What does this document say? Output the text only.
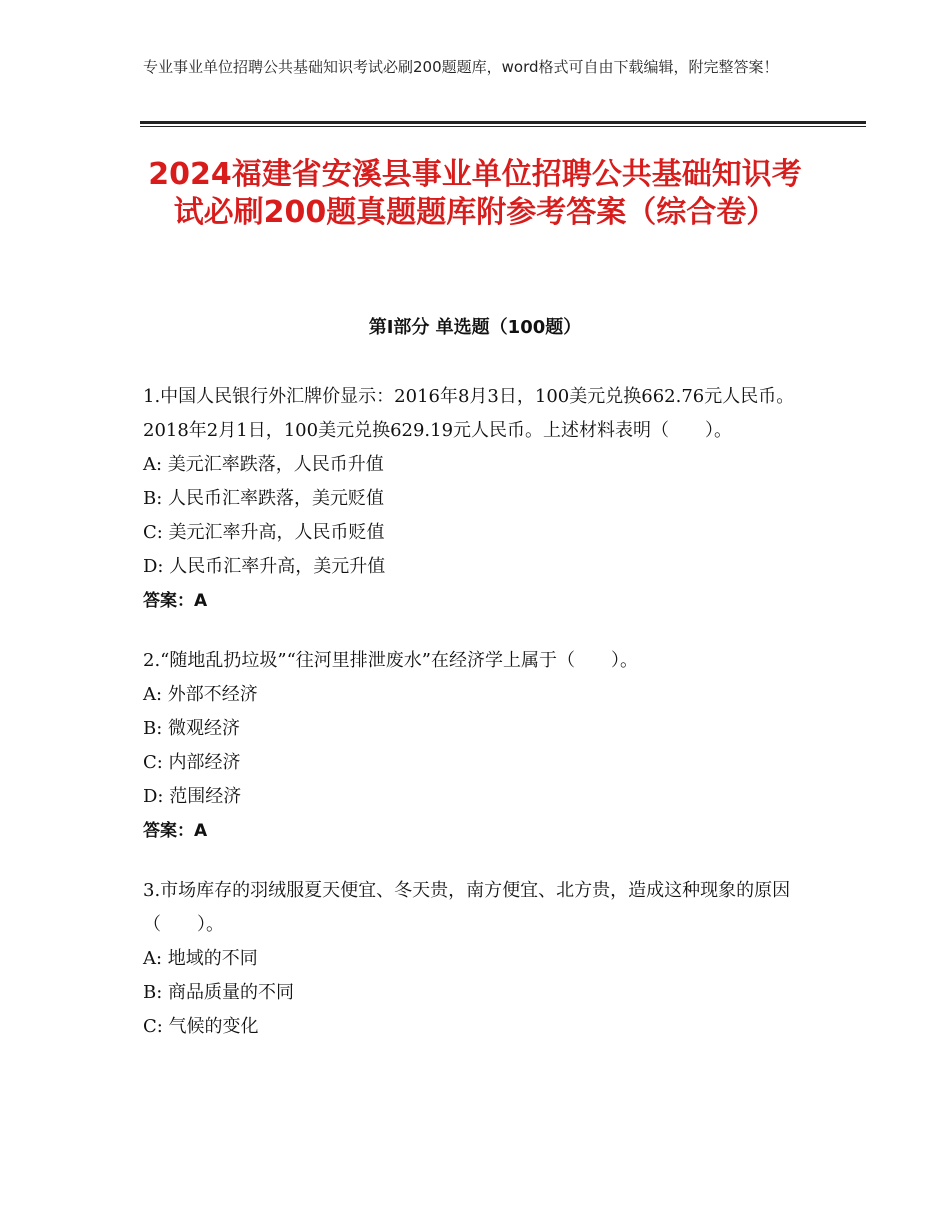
专业事业单位招聘公共基础知识考试必刷200题题库，word格式可自由下载编辑，附完整答案！
2024福建省安溪县事业单位招聘公共基础知识考试必刷200题真题题库附参考答案（综合卷）
第Ⅰ部分 单选题（100题）

1.中国人民银行外汇牌价显示：2016年8月3日，100美元兑换662.76元人民币。2018年2月1日，100美元兑换629.19元人民币。上述材料表明（　　）。

A: 美元汇率跌落，人民币升值

B: 人民币汇率跌落，美元贬值

C: 美元汇率升高，人民币贬值

D: 人民币汇率升高，美元升值

答案：A

2.“随地乱扔垃圾”“往河里排泄废水”在经济学上属于（　　）。

A: 外部不经济

B: 微观经济

C: 内部经济

D: 范围经济

答案：A

3.市场库存的羽绒服夏天便宜、冬天贵，南方便宜、北方贵，造成这种现象的原因（　　）。

A: 地域的不同

B: 商品质量的不同

C: 气候的变化
